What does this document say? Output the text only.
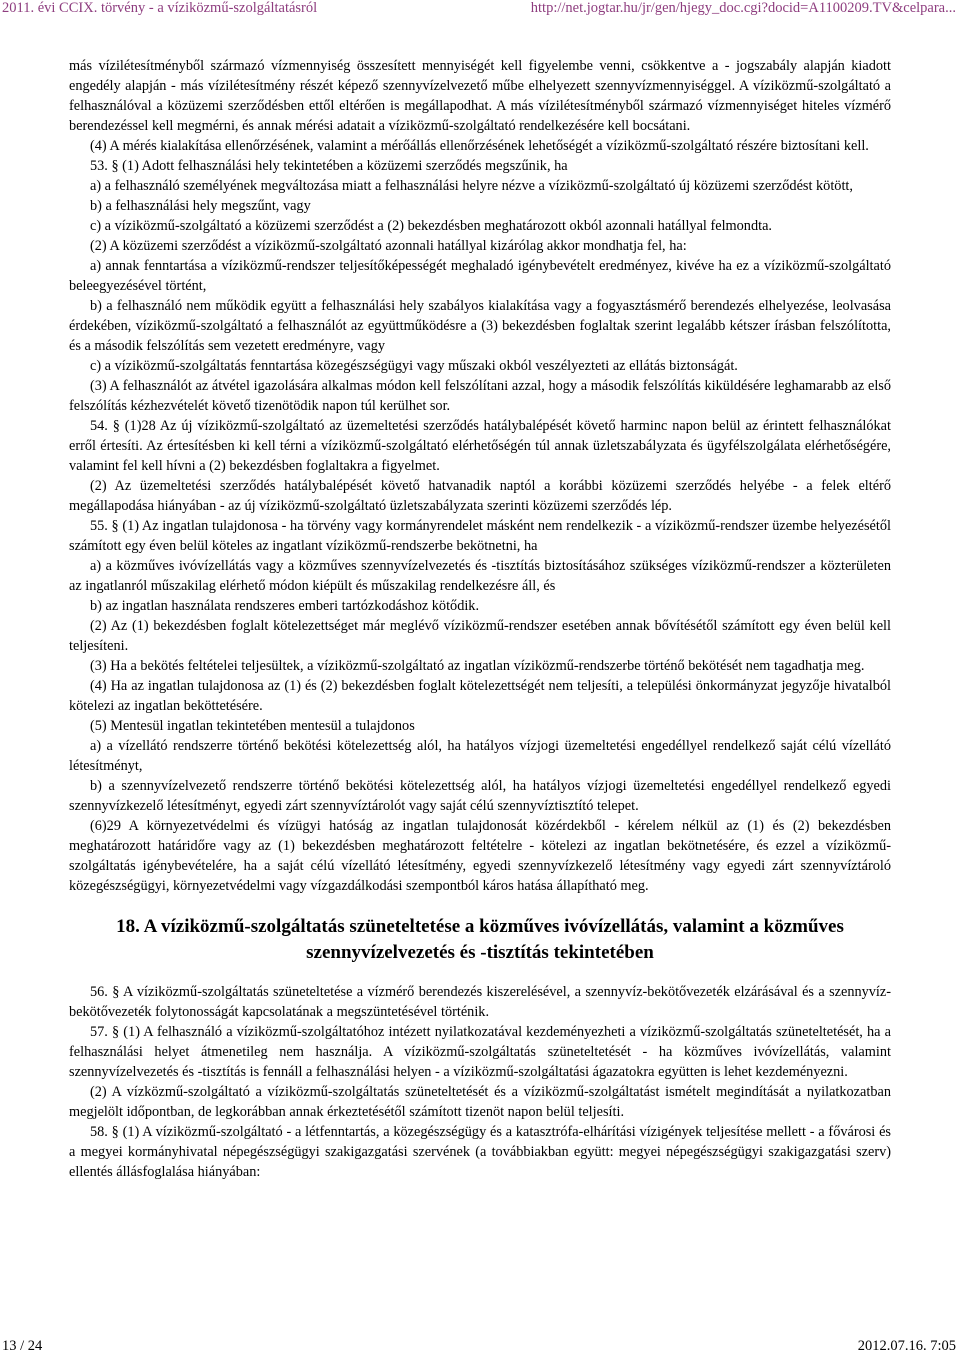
2011. évi CCIX. törvény - a víziközmű-szolgáltatásról	http://net.jogtar.hu/jr/gen/hjegy_doc.cgi?docid=A1100209.TV&celpara...

más vízilétesítményből származó vízmennyiség összesített mennyiségét kell figyelembe venni, csökkentve a - jogszabály alapján kiadott engedély alapján - más vízilétesítmény részét képező szennyvízelvezető műbe elhelyezett szennyvízmennyiséggel. A víziközmű-szolgáltató a felhasználóval a közüzemi szerződésben ettől eltérően is megállapodhat. A más vízilétesítményből származó vízmennyiséget hiteles vízmérő berendezéssel kell megmérni, és annak mérési adatait a víziközmű-szolgáltató rendelkezésére kell bocsátani.

(4) A mérés kialakítása ellenőrzésének, valamint a mérőállás ellenőrzésének lehetőségét a víziközmű-szolgáltató részére biztosítani kell.

53. § (1) Adott felhasználási hely tekintetében a közüzemi szerződés megszűnik, ha

a) a felhasználó személyének megváltozása miatt a felhasználási helyre nézve a víziközmű-szolgáltató új közüzemi szerződést kötött,

b) a felhasználási hely megszűnt, vagy

c) a víziközmű-szolgáltató a közüzemi szerződést a (2) bekezdésben meghatározott okból azonnali hatállyal felmondta.

(2) A közüzemi szerződést a víziközmű-szolgáltató azonnali hatállyal kizárólag akkor mondhatja fel, ha:

a) annak fenntartása a víziközmű-rendszer teljesítőképességét meghaladó igénybevételt eredményez, kivéve ha ez a víziközmű-szolgáltató beleegyezésével történt,

b) a felhasználó nem működik együtt a felhasználási hely szabályos kialakítása vagy a fogyasztásmérő berendezés elhelyezése, leolvasása érdekében, víziközmű-szolgáltató a felhasználót az együttműködésre a (3) bekezdésben foglaltak szerint legalább kétszer írásban felszólította, és a második felszólítás sem vezetett eredményre, vagy

c) a víziközmű-szolgáltatás fenntartása közegészségügyi vagy műszaki okból veszélyezteti az ellátás biztonságát.

(3) A felhasználót az átvétel igazolására alkalmas módon kell felszólítani azzal, hogy a második felszólítás kiküldésére leghamarabb az első felszólítás kézhezvételét követő tizenötödik napon túl kerülhet sor.

54. § (1)28 Az új víziközmű-szolgáltató az üzemeltetési szerződés hatálybalépését követő harminc napon belül az érintett felhasználókat erről értesíti. Az értesítésben ki kell térni a víziközmű-szolgáltató elérhetőségén túl annak üzletszabályzata és ügyfélszolgálata elérhetőségére, valamint fel kell hívni a (2) bekezdésben foglaltakra a figyelmet.

(2) Az üzemeltetési szerződés hatálybalépését követő hatvanadik naptól a korábbi közüzemi szerződés helyébe - a felek eltérő megállapodása hiányában - az új víziközmű-szolgáltató üzletszabályzata szerinti közüzemi szerződés lép.

55. § (1) Az ingatlan tulajdonosa - ha törvény vagy kormányrendelet másként nem rendelkezik - a víziközmű-rendszer üzembe helyezésétől számított egy éven belül köteles az ingatlant víziközmű-rendszerbe bekötnetni, ha

a) a közműves ivóvízellátás vagy a közműves szennyvízelvezetés és -tisztítás biztosításához szükséges víziközmű-rendszer a közterületen az ingatlanról műszakilag elérhető módon kiépült és műszakilag rendelkezésre áll, és

b) az ingatlan használata rendszeres emberi tartózkodáshoz kötődik.

(2) Az (1) bekezdésben foglalt kötelezettséget már meglévő víziközmű-rendszer esetében annak bővítésétől számított egy éven belül kell teljesíteni.

(3) Ha a bekötés feltételei teljesültek, a víziközmű-szolgáltató az ingatlan víziközmű-rendszerbe történő bekötését nem tagadhatja meg.

(4) Ha az ingatlan tulajdonosa az (1) és (2) bekezdésben foglalt kötelezettségét nem teljesíti, a települési önkormányzat jegyzője hivatalból kötelezi az ingatlan beköttetésére.

(5) Mentesül ingatlan tekintetében mentesül a tulajdonos

a) a vízellátó rendszerre történő bekötési kötelezettség alól, ha hatályos vízjogi üzemeltetési engedéllyel rendelkező saját célú vízellátó létesítményt,

b) a szennyvízelvezető rendszerre történő bekötési kötelezettség alól, ha hatályos vízjogi üzemeltetési engedéllyel rendelkező egyedi szennyvízkezelő létesítményt, egyedi zárt szennyvíztárolót vagy saját célú szennyvíztisztító telepet.

(6)29 A környezetvédelmi és vízügyi hatóság az ingatlan tulajdonosát közérdekből - kérelem nélkül az (1) és (2) bekezdésben meghatározott határidőre vagy az (1) bekezdésben meghatározott feltételre - kötelezi az ingatlan bekötnetésére, és ezzel a víziközmű-szolgáltatás igénybevételére, ha a saját célú vízellátó létesítmény, egyedi szennyvízkezelő létesítmény vagy egyedi zárt szennyvíztároló közegészségügyi, környezetvédelmi vagy vízgazdálkodási szempontból káros hatása állapítható meg.

18. A víziközmű-szolgáltatás szüneteltetése a közműves ivóvízellátás, valamint a közműves szennyvízelvezetés és -tisztítás tekintetében

56. § A víziközmű-szolgáltatás szüneteltetése a vízmérő berendezés kiszerelésével, a szennyvíz-bekötővezeték elzárásával és a szennyvíz-bekötővezeték folytonosságát kapcsolatának a megszüntetésével történik.

57. § (1) A felhasználó a víziközmű-szolgáltatóhoz intézett nyilatkozatával kezdeményezheti a víziközmű-szolgáltatás szüneteltetését, ha a felhasználási helyet átmenetileg nem használja. A víziközmű-szolgáltatás szüneteltetését - ha közműves ivóvízellátás, valamint szennyvízelvezetés és -tisztítás is fennáll a felhasználási helyen - a víziközmű-szolgáltatási ágazatokra együtten is lehet kezdeményezni.

(2) A vízközmű-szolgáltató a víziközmű-szolgáltatás szüneteltetését és a víziközmű-szolgáltatást ismételt megindítását a nyilatkozatban megjelölt időpontban, de legkorábban annak érkeztetésétől számított tizenöt napon belül teljesíti.

58. § (1) A víziközmű-szolgáltató - a létfenntartás, a közegészségügy és a katasztrófa-elhárítási vízigények teljesítése mellett - a fővárosi és a megyei kormányhivatal népegészségügyi szakigazgatási szervének (a továbbiakban együtt: megyei népegészségügyi szakigazgatási szerv) ellentés állásfoglalása hiányában:

13 / 24	2012.07.16. 7:05
